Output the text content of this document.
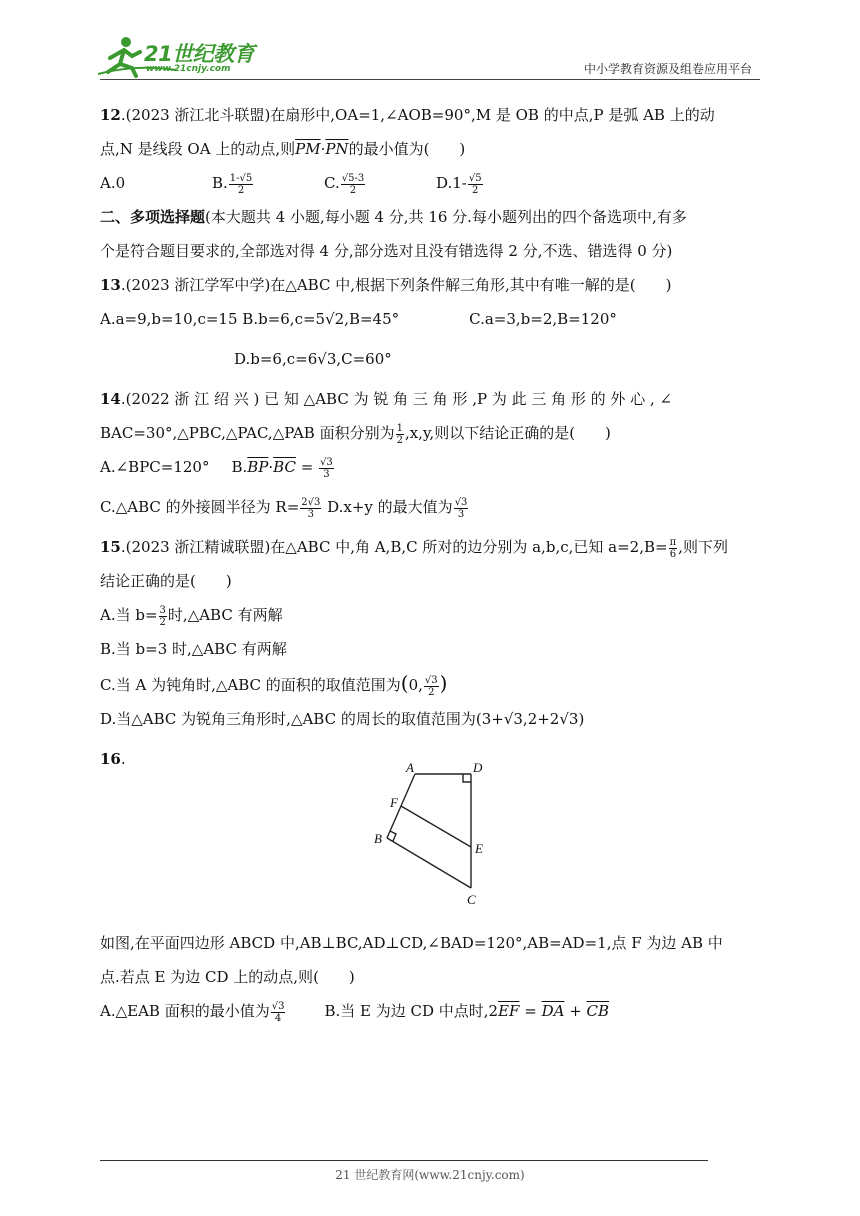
21世纪教育
www.21cnjy.com	中小学教育资源及组卷应用平台

12.(2023 浙江北斗联盟)在扇形中,OA=1,∠AOB=90°,M 是 OB 的中点,P 是弧 AB 上的动

点,N 是线段 OA 上的动点,则$\overline{PM}\cdot\overline{PN}$的最小值为(　　)

A.0	B. $\frac{1-√5}{2}$	C. $\frac{√5-3}{2}$	$D.1- \frac{√5}{2}$

二、多项选择题(本大题共 4 小题,每小题 4 分,共 16 分.每小题列出的四个备选项中,有多

个是符合题目要求的,全部选对得 4 分,部分选对且没有错选得 2 分,不选、错选得 0 分)

13.(2023 浙江学军中学)在△ABC 中,根据下列条件解三角形,其中有唯一解的是(　　)

A.a=9,b=10,c=15 B.b=6,c=5√2,B=45°	C.a=3,b=2,B=120°

D.b=6,c=6√3,C=60°

14.(2022 浙 江 绍 兴 ) 已 知 △ABC 为 锐 角 三 角 形 ,P 为 此 三 角 形 的 外 心 , ∠

BAC=30°,△PBC,△PAC,△PAB 面积分别为 $\frac{1}{2} ,x,y$,则以下结论正确的是(　　)

A.∠BPC=120° $B.\overline{BP}\cdot\overline{BC} = \frac{√3}{3}$

C.△ABC 的外接圆半径为 $R= \frac{2√3}{3} D.x+y$ 的最大值为 $\frac{√3}{3}$

15.(2023 浙江精诚联盟)在△ABC 中,角 A,B,C 所对的边分别为 a,b,c,已知 $a=2,B= \frac{\pi}{6}$ ,则下列

结论正确的是(　　)

A.当 $b= \frac{3}{2}$ 时,△ABC 有两解

B.当 b=3 时,△ABC 有两解

C.当 A 为钝角时,△ABC 的面积的取值范围为(0, $\frac{√3}{2}$ )

D.当△ABC 为锐角三角形时,△ABC 的周长的取值范围为(3+√3,2+2√3)

16.	A	D
F
B
E
C

如图,在平面四边形 ABCD 中,AB⊥BC,AD⊥CD,∠BAD=120°,AB=AD=1,点 F 为边 AB 中

点.若点 E 为边 CD 上的动点,则(　　)

A.△EAB 面积的最小值为 $\frac{√3}{4}$	B.当 E 为边 CD 中点时$,2\overline{EF} = \overline{DA} + \overline{CB}$

21 世纪教育网(www.21cnjy.com)
